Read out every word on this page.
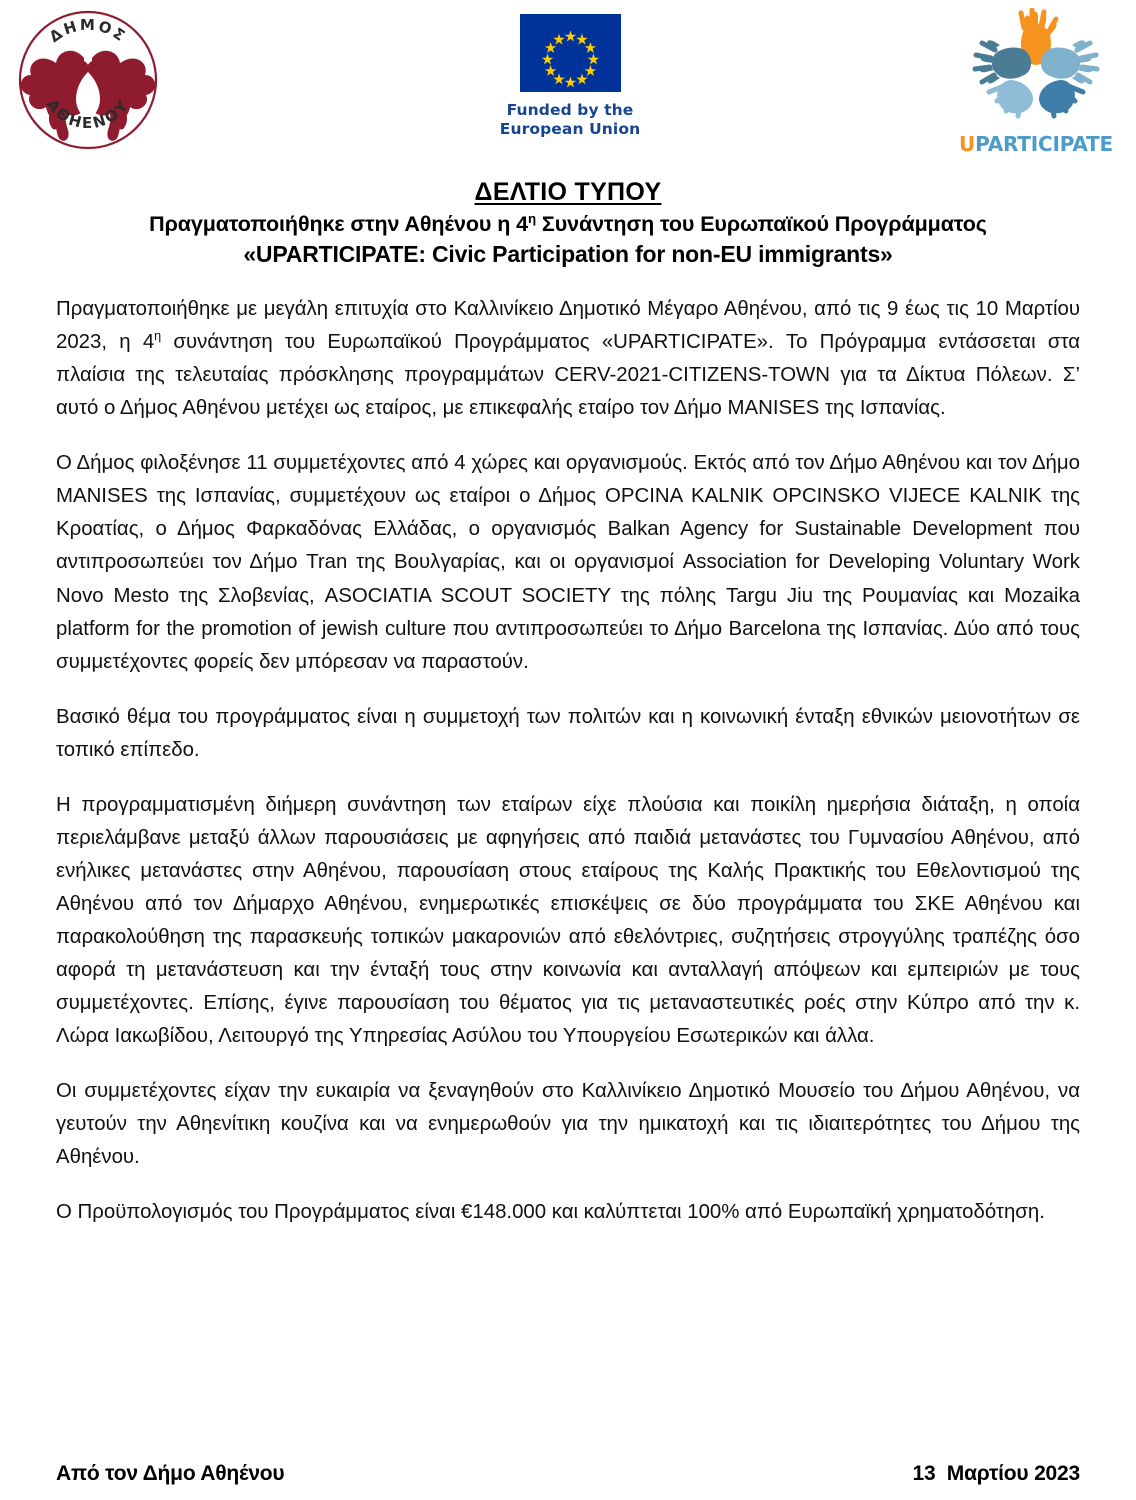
ΔΗΜΟΣ
ΑΘΗΕΝΟΥ	Funded by the
European Union
UPARTICIPATE
ΔΕΛΤΙΟ ΤΥΠΟΥ
Πραγματοποιήθηκε στην Αθηένου η $4^\eta$ Συνάντηση του Ευρωπαϊκού Προγράμματος
«UPARTICIPATE: Civic Participation for non-EU immigrants»

Πραγματοποιήθηκε με μεγάλη επιτυχία στο Καλλινίκειο Δημοτικό Μέγαρο Αθηένου, από τις 9 έως τις 10 Μαρτίου 2023, η $4^\eta$ συνάντηση του Ευρωπαϊκού Προγράμματος «UPARTICIPATE». Το Πρόγραμμα εντάσσεται στα πλαίσια της τελευταίας πρόσκλησης προγραμμάτων CERV-2021-CITIZENS-TOWN για τα Δίκτυα Πόλεων. Σ’ αυτό ο Δήμος Αθηένου μετέχει ως εταίρος, με επικεφαλής εταίρο τον Δήμο MANISES της Ισπανίας.

Ο Δήμος φιλοξένησε 11 συμμετέχοντες από 4 χώρες και οργανισμούς. Εκτός από τον Δήμο Αθηένου και τον Δήμο MANISES της Ισπανίας, συμμετέχουν ως εταίροι ο Δήμος OPCINA KALNIK OPCINSKO VIJECE KALNIK της Κροατίας, ο Δήμος Φαρκαδόνας Ελλάδας, ο οργανισμός Balkan Agency for Sustainable Development που αντιπροσωπεύει τον Δήμο Tran της Βουλγαρίας, και οι οργανισμοί Association for Developing Voluntary Work Novo Mesto της Σλοβενίας, ASOCIATIA SCOUT SOCIETY της πόλης Targu Jiu της Ρουμανίας και Mozaika platform for the promotion of jewish culture που αντιπροσωπεύει το Δήμο Barcelona της Ισπανίας. Δύο από τους συμμετέχοντες φορείς δεν μπόρεσαν να παραστούν.

Βασικό θέμα του προγράμματος είναι η συμμετοχή των πολιτών και η κοινωνική ένταξη εθνικών μειονοτήτων σε τοπικό επίπεδο.

Η προγραμματισμένη διήμερη συνάντηση των εταίρων είχε πλούσια και ποικίλη ημερήσια διάταξη, η οποία περιελάμβανε μεταξύ άλλων παρουσιάσεις με αφηγήσεις από παιδιά μετανάστες του Γυμνασίου Αθηένου, από ενήλικες μετανάστες στην Αθηένου, παρουσίαση στους εταίρους της Καλής Πρακτικής του Εθελοντισμού της Αθηένου από τον Δήμαρχο Αθηένου, ενημερωτικές επισκέψεις σε δύο προγράμματα του ΣΚΕ Αθηένου και παρακολούθηση της παρασκευής τοπικών μακαρονιών από εθελόντριες, συζητήσεις στρογγύλης τραπέζης όσο αφορά τη μετανάστευση και την ένταξή τους στην κοινωνία και ανταλλαγή απόψεων και εμπειριών με τους συμμετέχοντες. Επίσης, έγινε παρουσίαση του θέματος για τις μεταναστευτικές ροές στην Κύπρο από την κ. Λώρα Ιακωβίδου, Λειτουργό της Υπηρεσίας Ασύλου του Υπουργείου Εσωτερικών και άλλα.

Οι συμμετέχοντες είχαν την ευκαιρία να ξεναγηθούν στο Καλλινίκειο Δημοτικό Μουσείο του Δήμου Αθηένου, να γευτούν την Αθηενίτικη κουζίνα και να ενημερωθούν για την ημικατοχή και τις ιδιαιτερότητες του Δήμου της Αθηένου.

Ο Προϋπολογισμός του Προγράμματος είναι €148.000 και καλύπτεται 100% από Ευρωπαϊκή χρηματοδότηση.

Από τον Δήμο Αθηένου	13  Μαρτίου 2023
